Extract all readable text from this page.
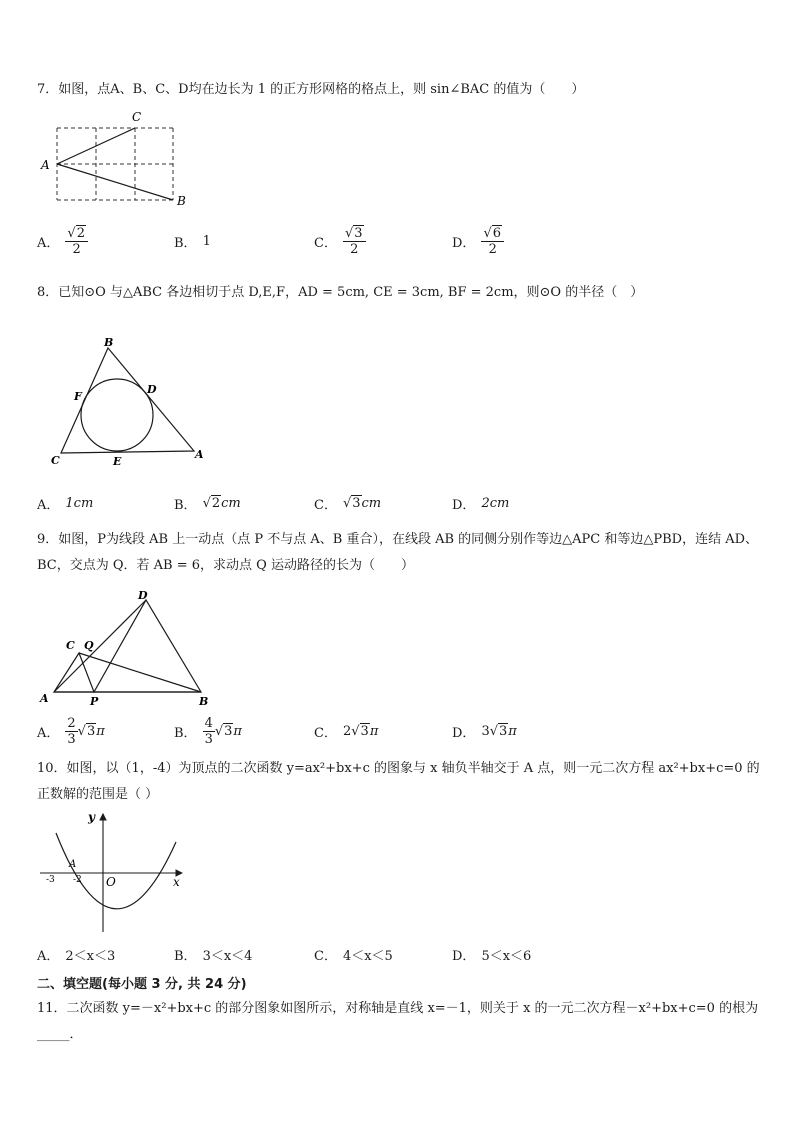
7．如图，点A、B、C、D均在边长为 1 的正方形网格的格点上，则 sin∠BAC 的值为（　　）
A
C
B
A． $\frac{√2}{2}$	B． 1	C． $\frac{√3}{2}$	D． $\frac{√6}{2}$
8．已知⊙O 与△ABC 各边相切于点 D,E,F，AD = 5cm, CE = 3cm, BF = 2cm，则⊙O 的半径（　）
B
D
F
C	E
A
A． 1cm	B． √2 cm	C． √3 cm	D． 2cm
9．如图，P为线段 AB 上一动点（点 P 不与点 A、B 重合），在线段 AB 的同侧分别作等边△APC 和等边△PBD，连结 AD、BC，交点为 Q．若 AB = 6，求动点 Q 运动路径的长为（　　）
D
C Q
A	P	B
A． $\frac{2}{3} √3$ π	B． $\frac{4}{3} √3$ π	C． 2 √3 π	D． 3 √3 π
10．如图，以（1，-4）为顶点的二次函数 y=ax²+bx+c 的图象与 x 轴负半轴交于 A 点，则一元二次方程 ax²+bx+c=0 的正数解的范围是（ ）
y
x
O
A
-3 -2
A． 2＜x＜3	B． 3＜x＜4	C． 4＜x＜5	D． 5＜x＜6
二、填空题(每小题 3 分, 共 24 分)
11．二次函数 y=－x²+bx+c 的部分图象如图所示，对称轴是直线 x=－1，则关于 x 的一元二次方程－x²+bx+c=0 的根为_____．
